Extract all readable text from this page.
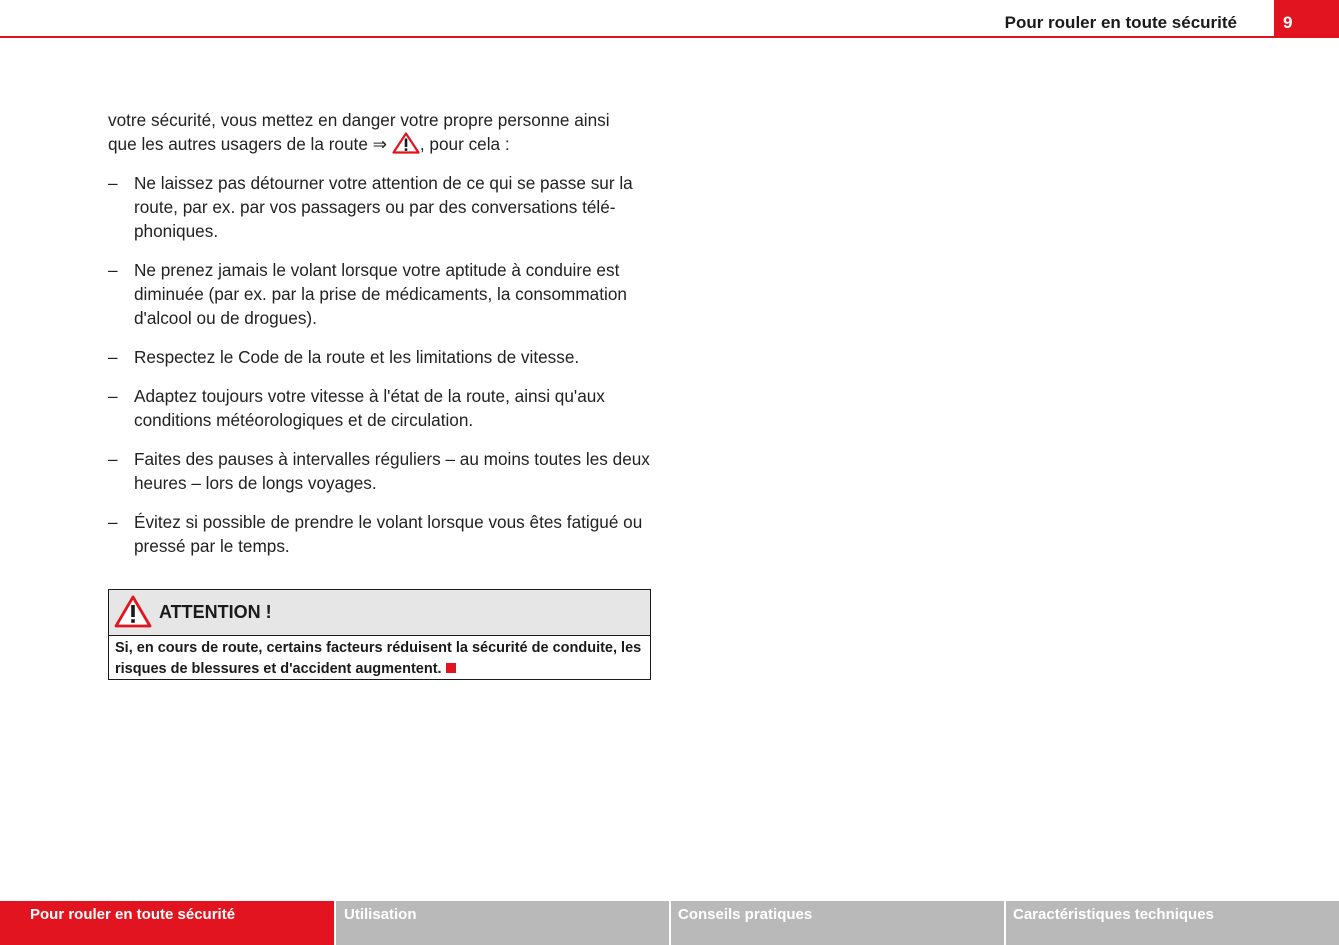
Pour rouler en toute sécurité	9

votre sécurité, vous mettez en danger votre propre personne ainsi
que les autres usagers de la route ⇒ , pour cela :

– Ne laissez pas détourner votre attention de ce qui se passe sur la route, par ex. par vos passagers ou par des conversations télé-phoniques.
– Ne prenez jamais le volant lorsque votre aptitude à conduire est diminuée (par ex. par la prise de médicaments, la consommation d'alcool ou de drogues).
– Respectez le Code de la route et les limitations de vitesse.
– Adaptez toujours votre vitesse à l'état de la route, ainsi qu'aux conditions météorologiques et de circulation.
– Faites des pauses à intervalles réguliers – au moins toutes les deux heures – lors de longs voyages.
– Évitez si possible de prendre le volant lorsque vous êtes fatigué ou pressé par le temps.
ATTENTION !
Si, en cours de route, certains facteurs réduisent la sécurité de conduite, les risques de blessures et d'accident augmentent.
Pour rouler en toute sécurité	Utilisation	Conseils pratiques	Caractéristiques techniques
